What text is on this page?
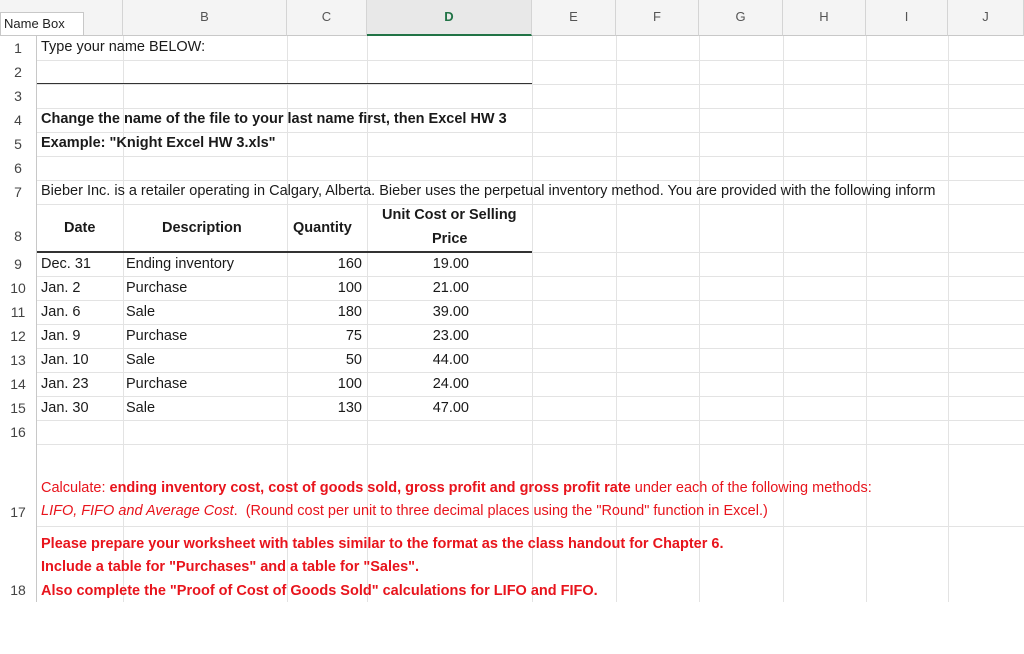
Name Box	B	C	D	E	F	G	H	I	J
1
2
3
4
5
6
7
8
9
10
11
12
13
14
15
16
17
18
Type your name BELOW:
Change the name of the file to your last name first, then Excel HW 3
Example: "Knight Excel HW 3.xls"
Bieber Inc. is a retailer operating in Calgary, Alberta. Bieber uses the perpetual inventory method. You are provided with the following inform
Date	Description	Quantity
Unit Cost or Selling
Price
Dec. 31 Ending inventory	160	19.00
Jan. 2	Purchase	100	21.00
Jan. 6	Sale	180	39.00
Jan. 9	Purchase	75	23.00
Jan. 10	Sale	50	44.00
Jan. 23	Purchase	100	24.00
Jan. 30	Sale	130	47.00
Calculate: ending inventory cost, cost of goods sold, gross profit and gross profit rate under each of the following methods:
LIFO, FIFO and Average Cost. (Round cost per unit to three decimal places using the "Round" function in Excel.)
Please prepare your worksheet with tables similar to the format as the class handout for Chapter 6.
Include a table for "Purchases" and a table for "Sales".
Also complete the "Proof of Cost of Goods Sold" calculations for LIFO and FIFO.
